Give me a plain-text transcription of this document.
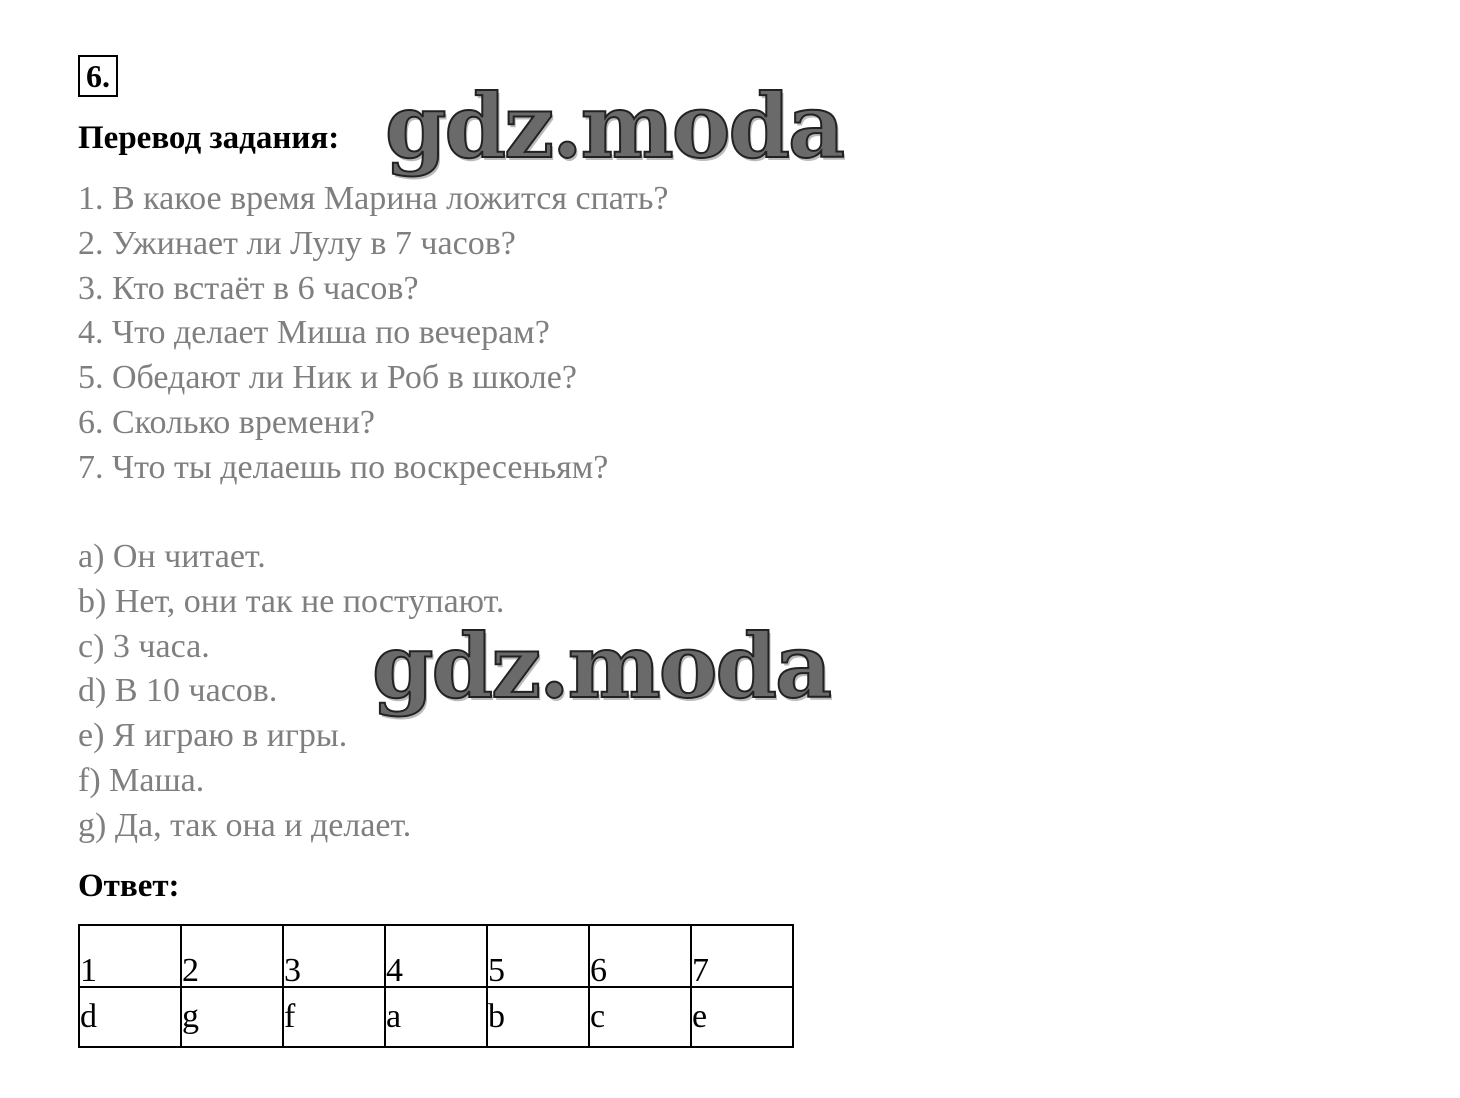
6.
Перевод задания:
1. В какое время Марина ложится спать?
2. Ужинает ли Лулу в 7 часов?
3. Кто встаёт в 6 часов?
4. Что делает Миша по вечерам?
5. Обедают ли Ник и Роб в школе?
6. Сколько времени?
7. Что ты делаешь по воскресеньям?
a) Он читает.
b) Нет, они так не поступают.
c) 3 часа.
d) В 10 часов.
e) Я играю в игры.
f) Маша.
g) Да, так она и делает.
Ответ:
1	2	3	4	5	6	7
d	g	f	a	b	c	e
gdz.moda
gdz.moda
